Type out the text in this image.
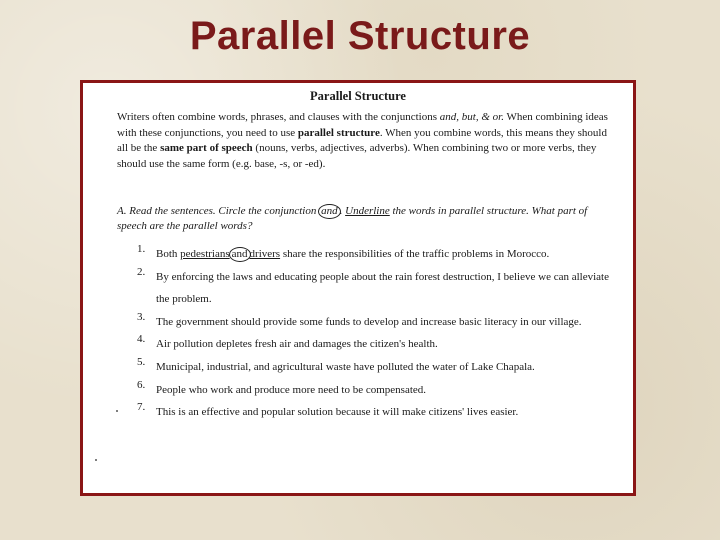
Parallel Structure
Parallel Structure
Writers often combine words, phrases, and clauses with the conjunctions and, but, & or. When combining ideas with these conjunctions, you need to use parallel structure. When you combine words, this means they should all be the same part of speech (nouns, verbs, adjectives, adverbs). When combining two or more verbs, they should use the same form (e.g. base, -s, or -ed).
A. Read the sentences. Circle the conjunction and . Underline the words in parallel structure. What part of speech are the parallel words?
1. Both pedestrians and drivers share the responsibilities of the traffic problems in Morocco.
2. By enforcing the laws and educating people about the rain forest destruction, I believe we can alleviate the problem.
3. The government should provide some funds to develop and increase basic literacy in our village.
4. Air pollution depletes fresh air and damages the citizen's health.
5. Municipal, industrial, and agricultural waste have polluted the water of Lake Chapala.
6. People who work and produce more need to be compensated.
7. This is an effective and popular solution because it will make citizens' lives easier.
